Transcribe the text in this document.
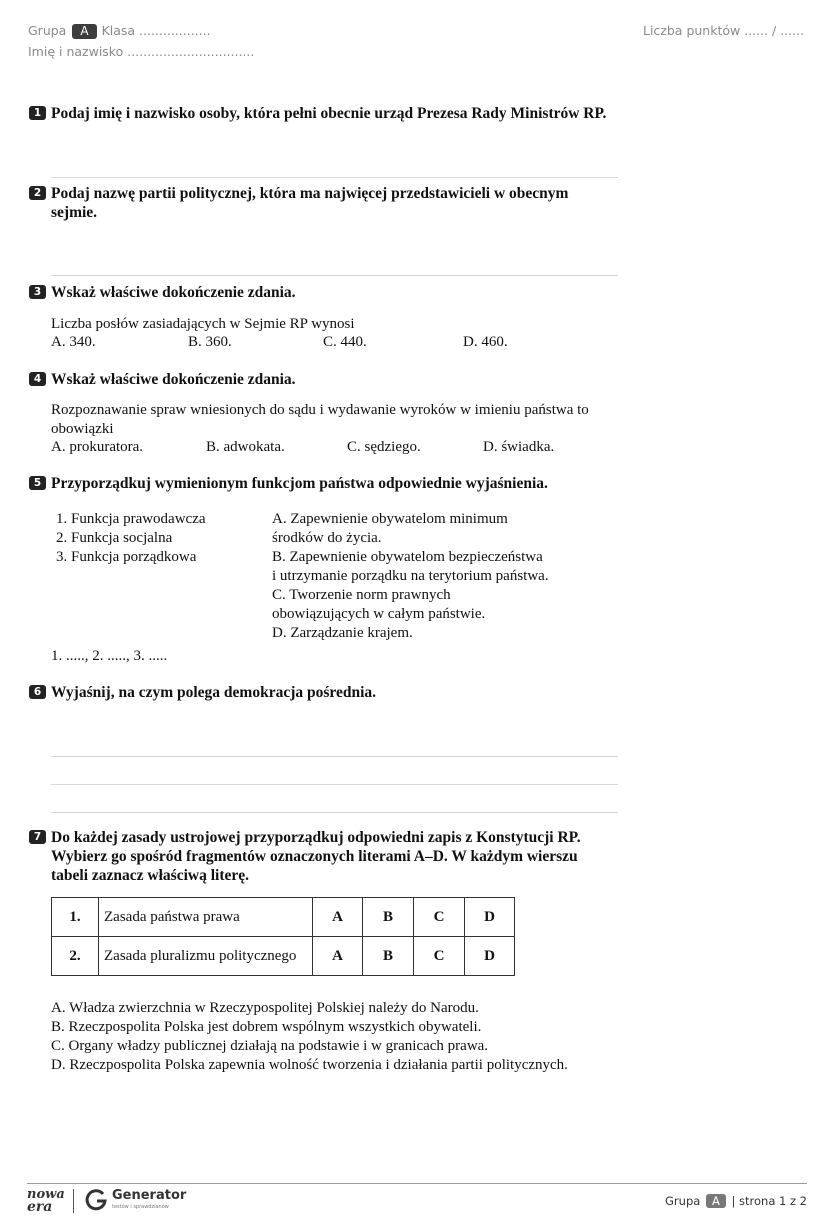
Grupa A Klasa ..................
Imię i nazwisko ................................
Liczba punktów ...... / ......
1 Podaj imię i nazwisko osoby, która pełni obecnie urząd Prezesa Rady Ministrów RP.
2 Podaj nazwę partii politycznej, która ma najwięcej przedstawicieli w obecnym
sejmie.
3 Wskaż właściwe dokończenie zdania.
Liczba posłów zasiadających w Sejmie RP wynosi
A. 340.	B. 360.	C. 440.	D. 460.
4 Wskaż właściwe dokończenie zdania.
Rozpoznawanie spraw wniesionych do sądu i wydawanie wyroków w imieniu państwa to
obowiązki
A. prokuratora.	B. adwokata.	C. sędziego.	D. świadka.
5 Przyporządkuj wymienionym funkcjom państwa odpowiednie wyjaśnienia.
1. Funkcja prawodawcza
2. Funkcja socjalna
3. Funkcja porządkowa
A. Zapewnienie obywatelom minimum
środków do życia.
B. Zapewnienie obywatelom bezpieczeństwa
i utrzymanie porządku na terytorium państwa.
C. Tworzenie norm prawnych
obowiązujących w całym państwie.
D. Zarządzanie krajem.
1. ....., 2. ....., 3. .....
6 Wyjaśnij, na czym polega demokracja pośrednia.
7 Do każdej zasady ustrojowej przyporządkuj odpowiedni zapis z Konstytucji RP.
Wybierz go spośród fragmentów oznaczonych literami A–D. W każdym wierszu
tabeli zaznacz właściwą literę.
1.	Zasada państwa prawa	A	B	C	D
2.	Zasada pluralizmu politycznego	A	B	C	D
A. Władza zwierzchnia w Rzeczypospolitej Polskiej należy do Narodu.
B. Rzeczpospolita Polska jest dobrem wspólnym wszystkich obywateli.
C. Organy władzy publicznej działają na podstawie i w granicach prawa.
D. Rzeczpospolita Polska zapewnia wolność tworzenia i działania partii politycznych.
nowa
era
Generator
testów i sprawdzianów	Grupa A | strona 1 z 2
